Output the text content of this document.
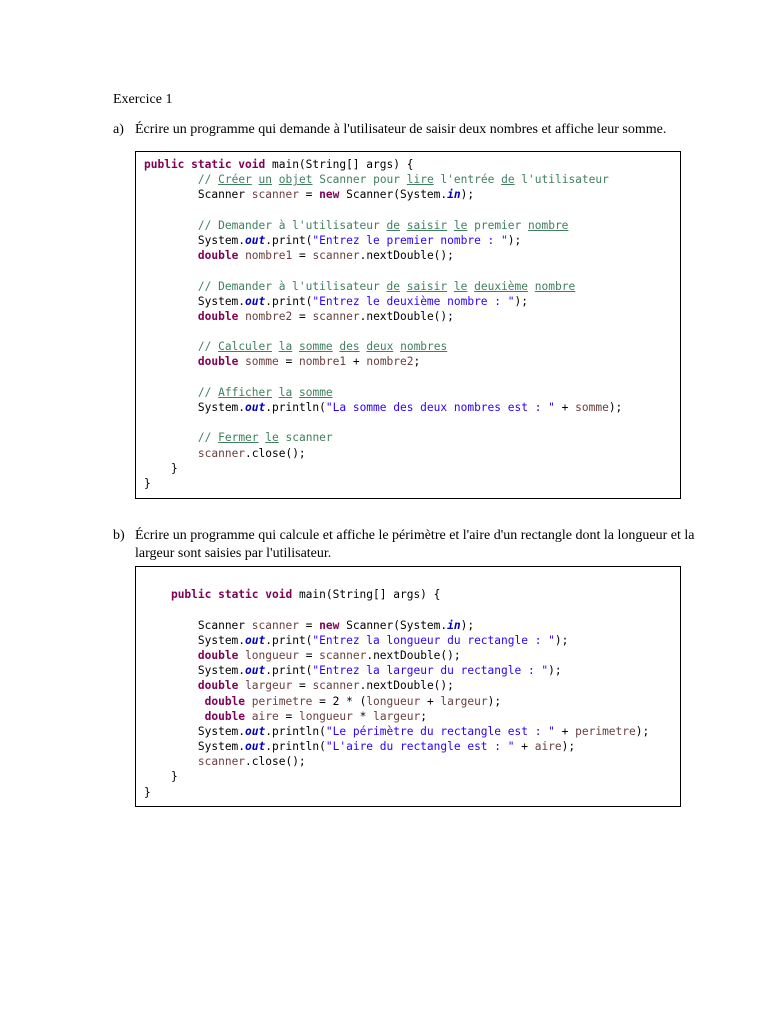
Exercice 1
a) Écrire un programme qui demande à l'utilisateur de saisir deux nombres et affiche leur somme.
public static void main(String[] args) {
// Créer un objet Scanner pour lire l'entrée de l'utilisateur
Scanner scanner = new Scanner(System.in);

// Demander à l'utilisateur de saisir le premier nombre
System.out.print("Entrez le premier nombre : ");
double nombre1 = scanner.nextDouble();

// Demander à l'utilisateur de saisir le deuxième nombre
System.out.print("Entrez le deuxième nombre : ");
double nombre2 = scanner.nextDouble();

// Calculer la somme des deux nombres
double somme = nombre1 + nombre2;

// Afficher la somme
System.out.println("La somme des deux nombres est : " + somme);

// Fermer le scanner
scanner.close();
}
}
b) Écrire un programme qui calcule et affiche le périmètre et l'aire d'un rectangle dont la longueur et la largeur sont saisies par l'utilisateur.

public static void main(String[] args) {

Scanner scanner = new Scanner(System.in);
System.out.print("Entrez la longueur du rectangle : ");
double longueur = scanner.nextDouble();
System.out.print("Entrez la largeur du rectangle : ");
double largeur = scanner.nextDouble();
double perimetre = 2 * (longueur + largeur);
double aire = longueur * largeur;
System.out.println("Le périmètre du rectangle est : " + perimetre);
System.out.println("L'aire du rectangle est : " + aire);
scanner.close();
}
}
